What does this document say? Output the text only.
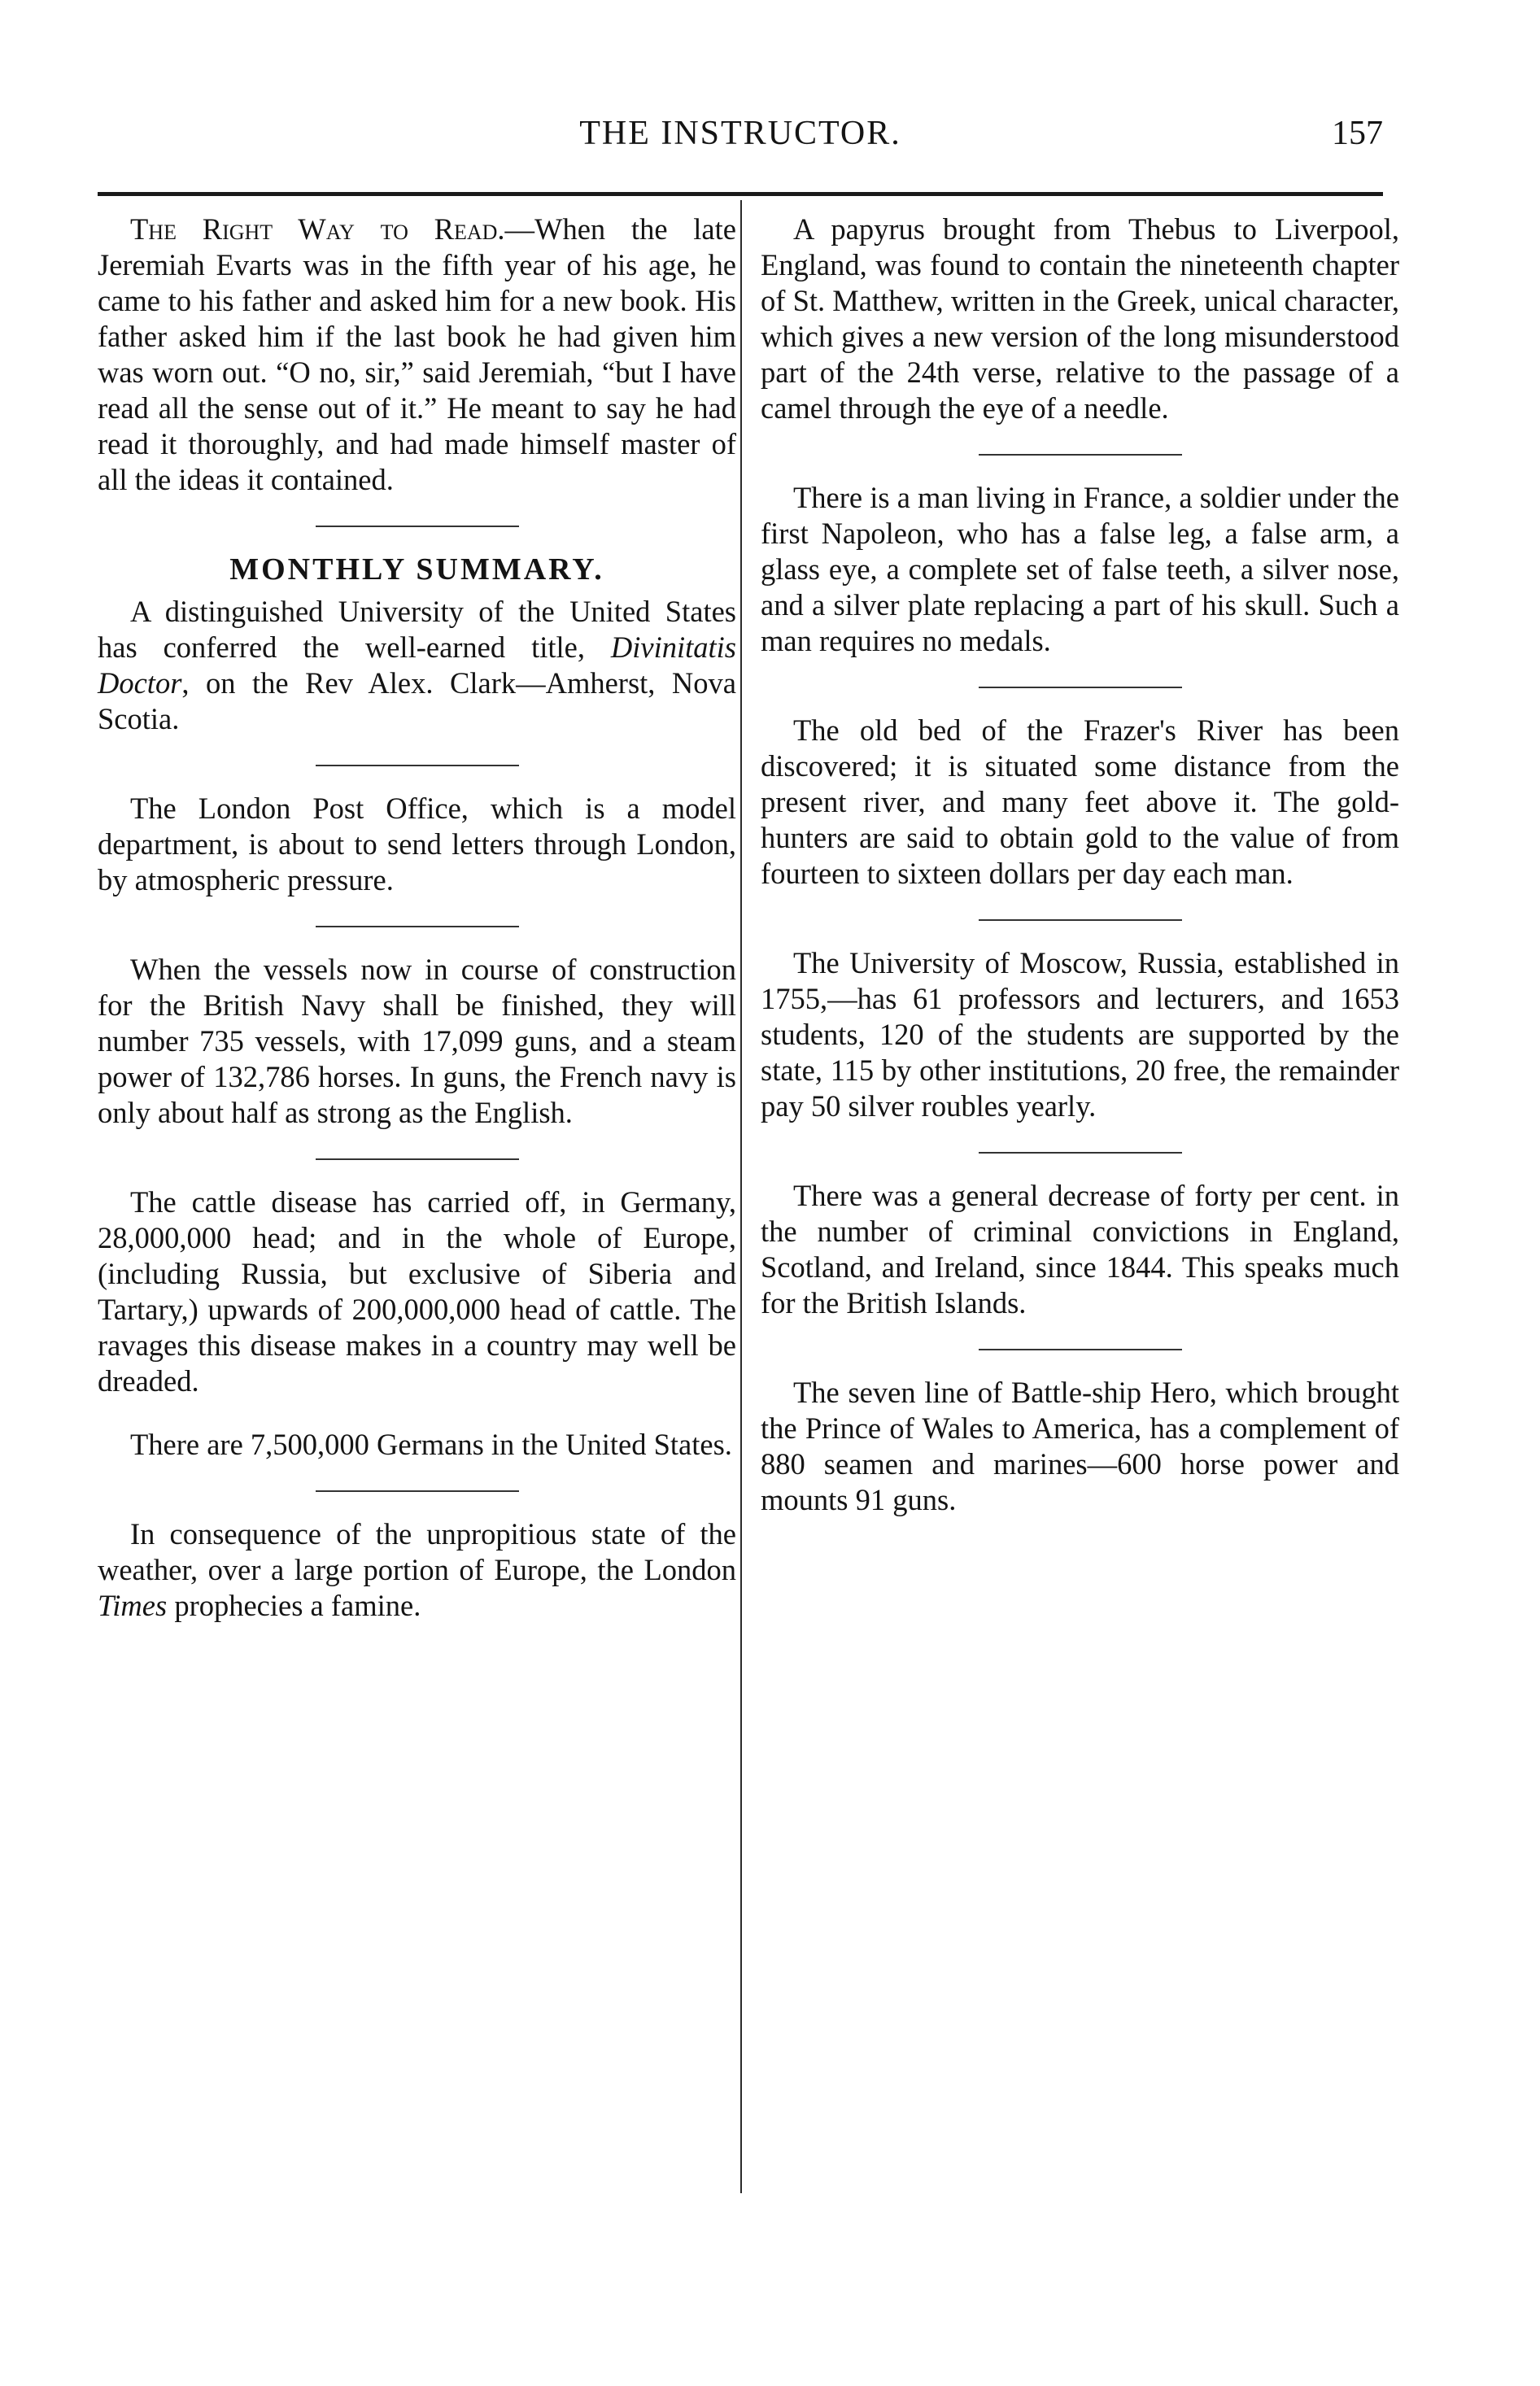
THE INSTRUCTOR.	157

The Right Way to Read.—When the late Jeremiah Evarts was in the fifth year of his age, he came to his father and asked him for a new book. His father asked him if the last book he had given him was worn out. “O no, sir,” said Jeremiah, “but I have read all the sense out of it.” He meant to say he had read it thoroughly, and had made himself master of all the ideas it contained.

MONTHLY SUMMARY.

A distinguished University of the United States has conferred the well-earned title, Divinitatis Doctor, on the Rev Alex. Clark—Amherst, Nova Scotia.

The London Post Office, which is a model department, is about to send letters through London, by atmospheric pressure.

When the vessels now in course of construction for the British Navy shall be finished, they will number 735 vessels, with 17,099 guns, and a steam power of 132,786 horses. In guns, the French navy is only about half as strong as the English.

The cattle disease has carried off, in Germany, 28,000,000 head; and in the whole of Europe, (including Russia, but exclusive of Siberia and Tartary,) upwards of 200,000,000 head of cattle. The ravages this disease makes in a country may well be dreaded.

There are 7,500,000 Germans in the United States.

In consequence of the unpropitious state of the weather, over a large portion of Europe, the London Times prophecies a famine.

A papyrus brought from Thebus to Liverpool, England, was found to contain the nineteenth chapter of St. Matthew, written in the Greek, unical character, which gives a new version of the long misunderstood part of the 24th verse, relative to the passage of a camel through the eye of a needle.

There is a man living in France, a soldier under the first Napoleon, who has a false leg, a false arm, a glass eye, a complete set of false teeth, a silver nose, and a silver plate replacing a part of his skull. Such a man requires no medals.

The old bed of the Frazer's River has been discovered; it is situated some distance from the present river, and many feet above it. The gold-hunters are said to obtain gold to the value of from fourteen to sixteen dollars per day each man.

The University of Moscow, Russia, established in 1755,—has 61 professors and lecturers, and 1653 students, 120 of the students are supported by the state, 115 by other institutions, 20 free, the remainder pay 50 silver roubles yearly.

There was a general decrease of forty per cent. in the number of criminal convictions in England, Scotland, and Ireland, since 1844. This speaks much for the British Islands.

The seven line of Battle-ship Hero, which brought the Prince of Wales to America, has a complement of 880 seamen and marines—600 horse power and mounts 91 guns.
